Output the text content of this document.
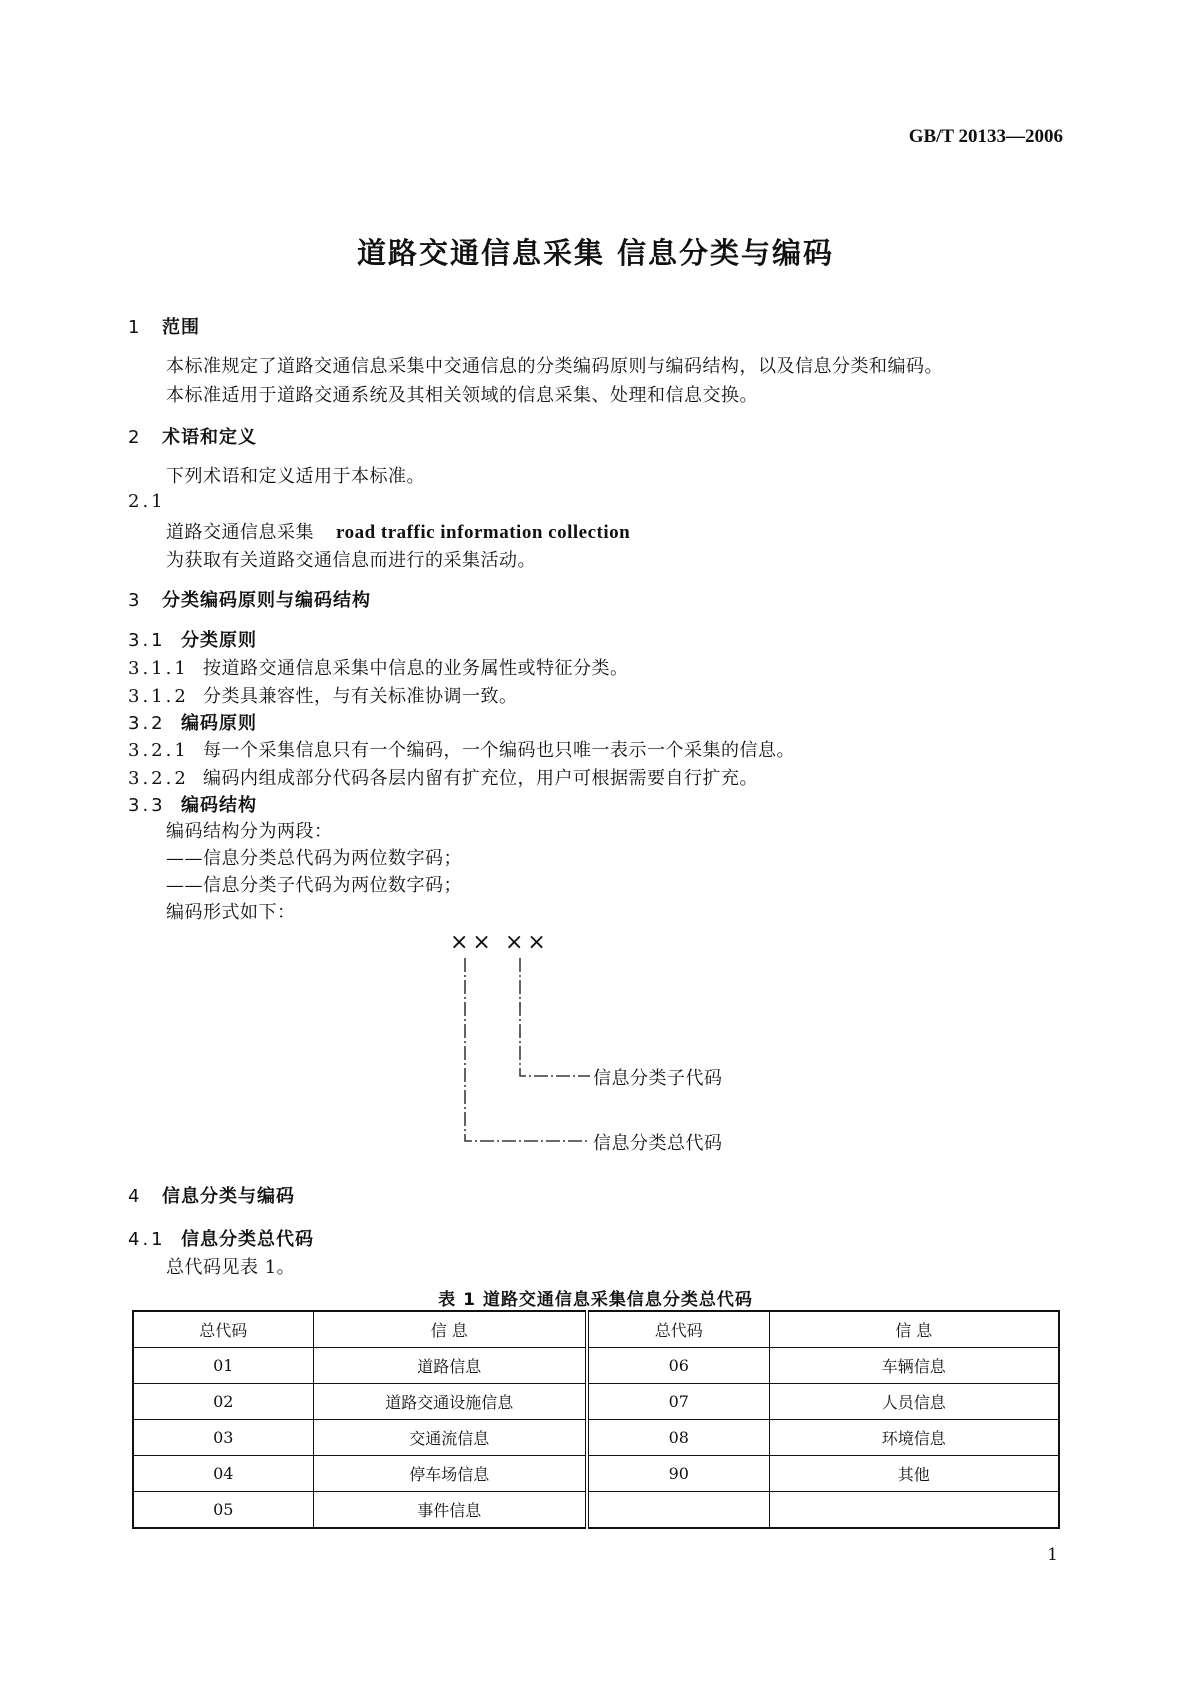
GB/T 20133—2006
道路交通信息采集 信息分类与编码
1 范围
本标准规定了道路交通信息采集中交通信息的分类编码原则与编码结构，以及信息分类和编码。
本标准适用于道路交通系统及其相关领域的信息采集、处理和信息交换。
2 术语和定义
下列术语和定义适用于本标准。
2.1
道路交通信息采集 road traffic information collection
为获取有关道路交通信息而进行的采集活动。
3 分类编码原则与编码结构
3.1 分类原则
3.1.1 按道路交通信息采集中信息的业务属性或特征分类。
3.1.2 分类具兼容性，与有关标准协调一致。
3.2 编码原则
3.2.1 每一个采集信息只有一个编码，一个编码也只唯一表示一个采集的信息。
3.2.2 编码内组成部分代码各层内留有扩充位，用户可根据需要自行扩充。
3.3 编码结构
编码结构分为两段：
——信息分类总代码为两位数字码；
——信息分类子代码为两位数字码；
编码形式如下：
×× ××
信息分类子代码
信息分类总代码
4 信息分类与编码
4.1 信息分类总代码
总代码见表 1。
表 1 道路交通信息采集信息分类总代码
总代码	信 息	总代码	信 息
01	道路信息	06	车辆信息
02	道路交通设施信息	07	人员信息
03	交通流信息	08	环境信息
04	停车场信息	90	其他
05	事件信息		
1
